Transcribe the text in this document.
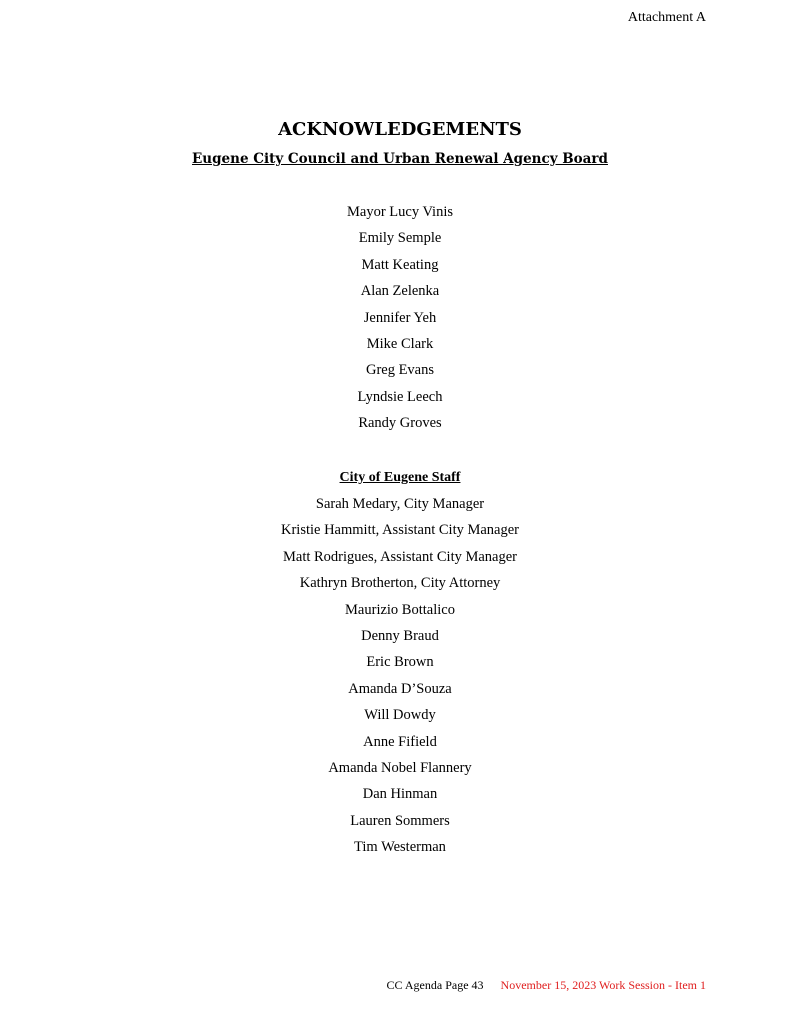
Attachment A
ACKNOWLEDGEMENTS
Eugene City Council and Urban Renewal Agency Board
Mayor Lucy Vinis
Emily Semple
Matt Keating
Alan Zelenka
Jennifer Yeh
Mike Clark
Greg Evans
Lyndsie Leech
Randy Groves
City of Eugene Staff
Sarah Medary, City Manager
Kristie Hammitt, Assistant City Manager
Matt Rodrigues, Assistant City Manager
Kathryn Brotherton, City Attorney
Maurizio Bottalico
Denny Braud
Eric Brown
Amanda D’Souza
Will Dowdy
Anne Fifield
Amanda Nobel Flannery
Dan Hinman
Lauren Sommers
Tim Westerman
CC Agenda Page 43 November 15, 2023 Work Session - Item 1
